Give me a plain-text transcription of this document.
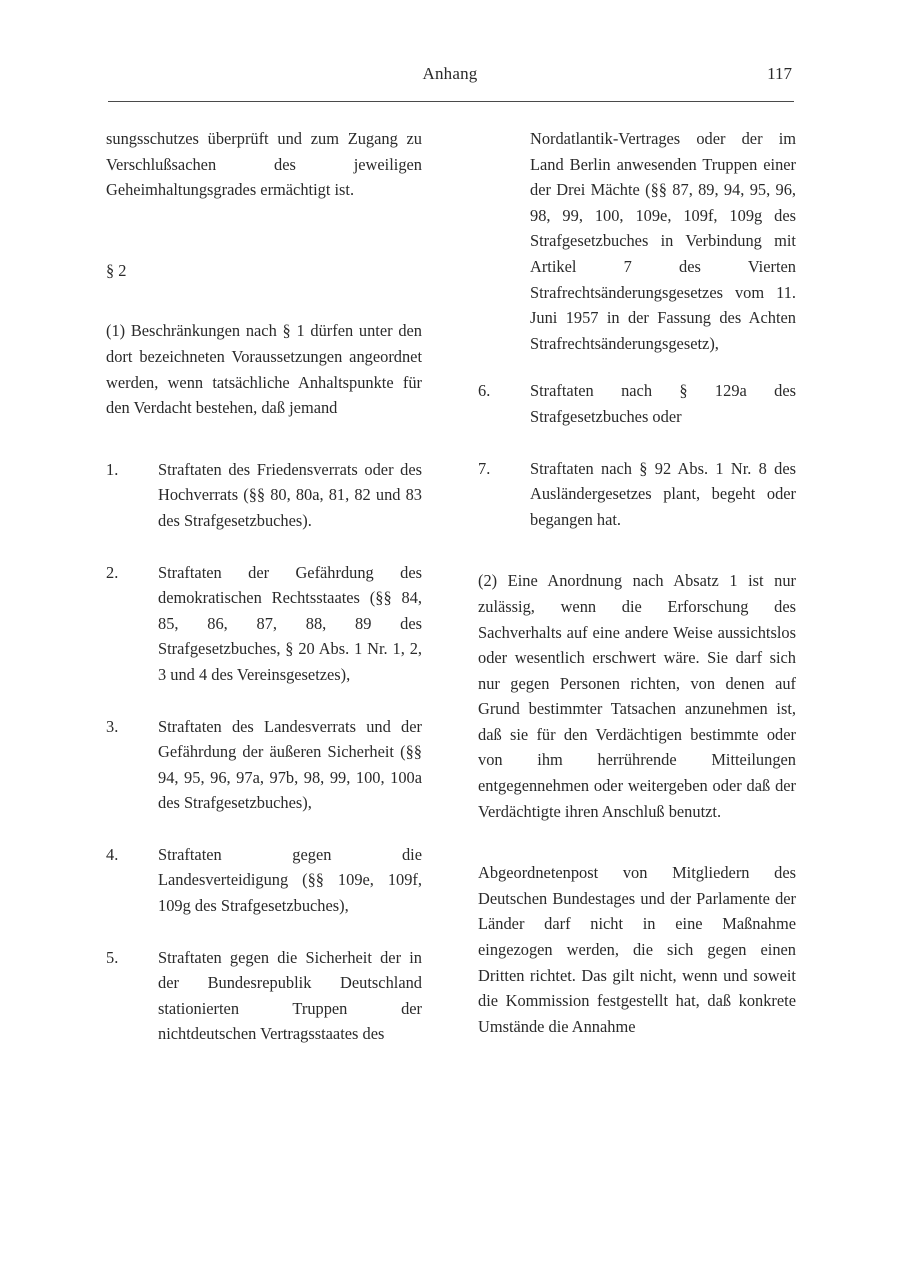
Anhang	117

sungsschutzes überprüft und zum Zugang zu Verschlußsachen des jeweiligen Geheimhaltungsgrades ermächtigt ist.

§ 2

(1) Beschränkungen nach § 1 dürfen unter den dort bezeichneten Voraussetzungen angeordnet werden, wenn tatsächliche Anhaltspunkte für den Verdacht bestehen, daß jemand

1.	Straftaten des Friedensverrats oder des Hochverrats (§§ 80, 80a, 81, 82 und 83 des Strafgesetzbuches).
2.	Straftaten der Gefährdung des demokratischen Rechtsstaates (§§ 84, 85, 86, 87, 88, 89 des Strafgesetzbuches, § 20 Abs. 1 Nr. 1, 2, 3 und 4 des Vereinsgesetzes),
3.	Straftaten des Landesverrats und der Gefährdung der äußeren Sicherheit (§§ 94, 95, 96, 97a, 97b, 98, 99, 100, 100a des Strafgesetzbuches),
4.	Straftaten gegen die Landesverteidigung (§§ 109e, 109f, 109g des Strafgesetzbuches),
5.	Straftaten gegen die Sicherheit der in der Bundesrepublik Deutschland stationierten Truppen der nichtdeutschen Vertragsstaates des
Nordatlantik-Vertrages oder der im Land Berlin anwesenden Truppen einer der Drei Mächte (§§ 87, 89, 94, 95, 96, 98, 99, 100, 109e, 109f, 109g des Strafgesetzbuches in Verbindung mit Artikel 7 des Vierten Strafrechtsänderungsgesetzes vom 11. Juni 1957 in der Fassung des Achten Strafrechtsänderungsgesetz),
6.	Straftaten nach § 129a des Strafgesetzbuches oder
7.	Straftaten nach § 92 Abs. 1 Nr. 8 des Ausländergesetzes plant, begeht oder begangen hat.

(2) Eine Anordnung nach Absatz 1 ist nur zulässig, wenn die Erforschung des Sachverhalts auf eine andere Weise aussichtslos oder wesentlich erschwert wäre. Sie darf sich nur gegen Personen richten, von denen auf Grund bestimmter Tatsachen anzunehmen ist, daß sie für den Verdächtigen bestimmte oder von ihm herrührende Mitteilungen entgegennehmen oder weitergeben oder daß der Verdächtigte ihren Anschluß benutzt.

Abgeordnetenpost von Mitgliedern des Deutschen Bundestages und der Parlamente der Länder darf nicht in eine Maßnahme eingezogen werden, die sich gegen einen Dritten richtet. Das gilt nicht, wenn und soweit die Kommission festgestellt hat, daß konkrete Umstände die Annahme
